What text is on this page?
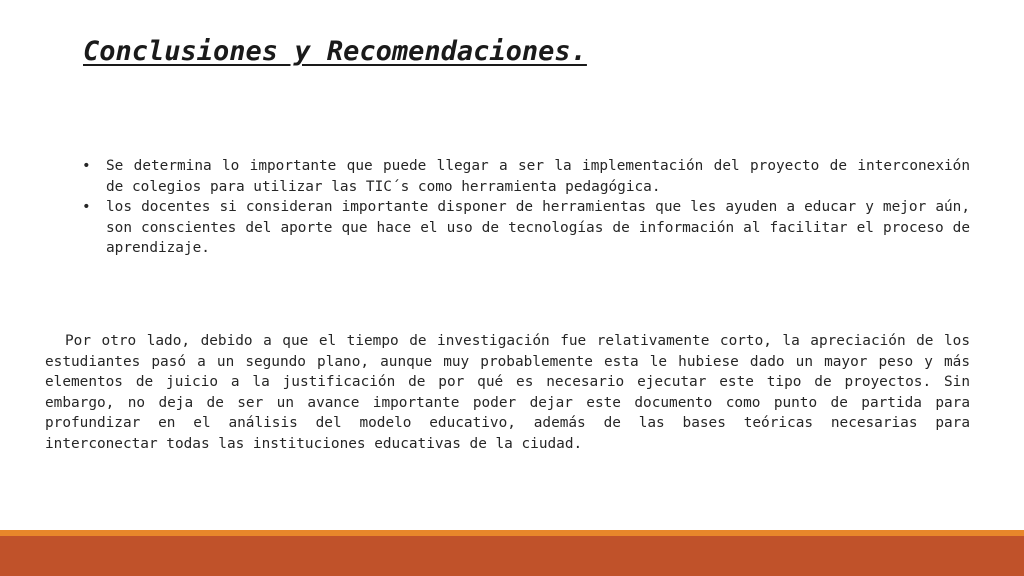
Conclusiones y Recomendaciones.
•	Se determina lo importante que puede llegar a ser la implementación del proyecto de interconexión de colegios para utilizar las TIC´s como herramienta pedagógica.
•	los docentes si consideran importante disponer de herramientas que les ayuden a educar y mejor aún, son conscientes del aporte que hace el uso de tecnologías de información al facilitar el proceso de aprendizaje.

Por otro lado, debido a que el tiempo de investigación fue relativamente corto, la apreciación de los estudiantes pasó a un segundo plano, aunque muy probablemente esta le hubiese dado un mayor peso y más elementos de juicio a la justificación de por qué es necesario ejecutar este tipo de proyectos. Sin embargo, no deja de ser un avance importante poder dejar este documento como punto de partida para profundizar en el análisis del modelo educativo, además de las bases teóricas necesarias para interconectar todas las instituciones educativas de la ciudad.
